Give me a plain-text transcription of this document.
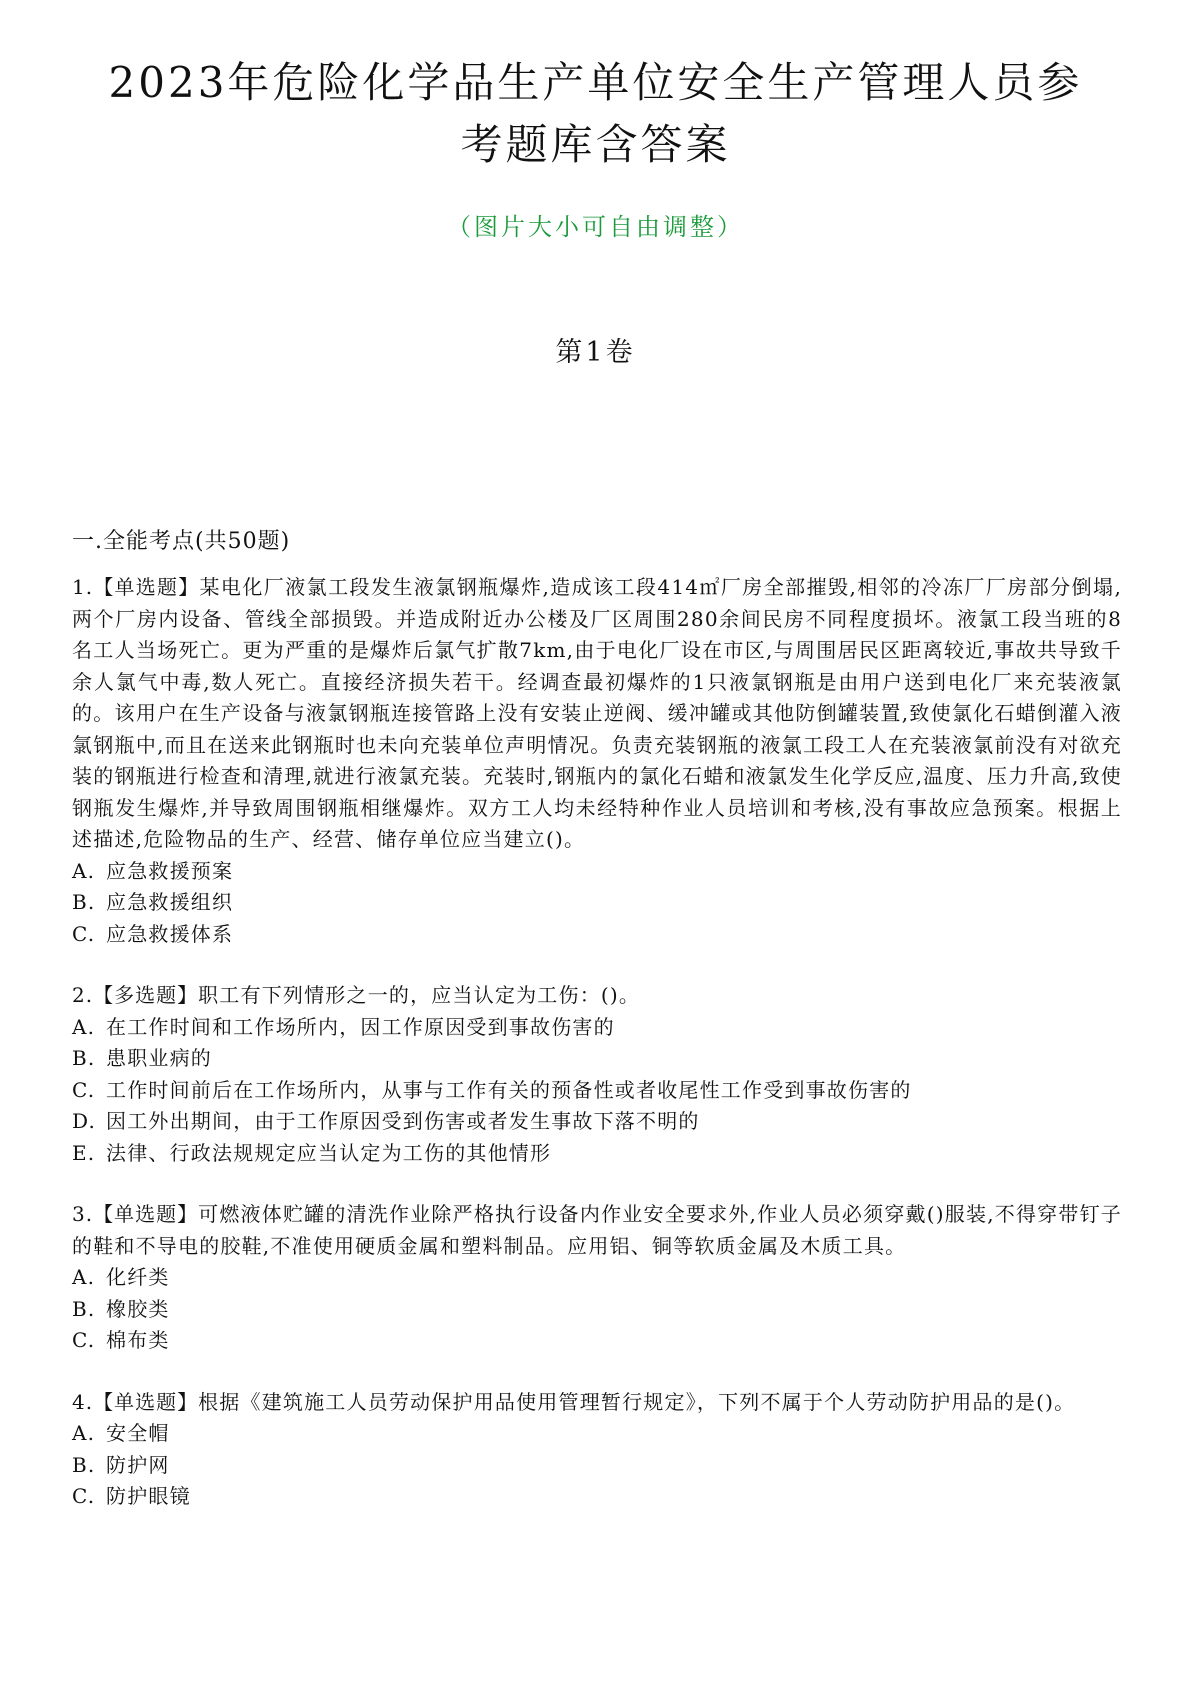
2023年危险化学品生产单位安全生产管理人员参
考题库含答案
（图片大小可自由调整）
第1卷
一.全能考点(共50题)

1.【单选题】某电化厂液氯工段发生液氯钢瓶爆炸,造成该工段414㎡厂房全部摧毁,相邻的冷冻厂厂房部分倒塌,两个厂房内设备、管线全部损毁。并造成附近办公楼及厂区周围280余间民房不同程度损坏。液氯工段当班的8名工人当场死亡。更为严重的是爆炸后氯气扩散7km,由于电化厂设在市区,与周围居民区距离较近,事故共导致千余人氯气中毒,数人死亡。直接经济损失若干。经调查最初爆炸的1只液氯钢瓶是由用户送到电化厂来充装液氯的。该用户在生产设备与液氯钢瓶连接管路上没有安装止逆阀、缓冲罐或其他防倒罐装置,致使氯化石蜡倒灌入液氯钢瓶中,而且在送来此钢瓶时也未向充装单位声明情况。负责充装钢瓶的液氯工段工人在充装液氯前没有对欲充装的钢瓶进行检查和清理,就进行液氯充装。充装时,钢瓶内的氯化石蜡和液氯发生化学反应,温度、压力升高,致使钢瓶发生爆炸,并导致周围钢瓶相继爆炸。双方工人均未经特种作业人员培训和考核,没有事故应急预案。根据上述描述,危险物品的生产、经营、储存单位应当建立()。

A. 应急救援预案
B. 应急救援组织
C. 应急救援体系

2.【多选题】职工有下列情形之一的，应当认定为工伤：()。

A. 在工作时间和工作场所内，因工作原因受到事故伤害的
B. 患职业病的
C. 工作时间前后在工作场所内，从事与工作有关的预备性或者收尾性工作受到事故伤害的
D. 因工外出期间，由于工作原因受到伤害或者发生事故下落不明的
E. 法律、行政法规规定应当认定为工伤的其他情形

3.【单选题】可燃液体贮罐的清洗作业除严格执行设备内作业安全要求外,作业人员必须穿戴()服装,不得穿带钉子的鞋和不导电的胶鞋,不准使用硬质金属和塑料制品。应用铝、铜等软质金属及木质工具。

A. 化纤类
B. 橡胶类
C. 棉布类

4.【单选题】根据《建筑施工人员劳动保护用品使用管理暂行规定》，下列不属于个人劳动防护用品的是()。

A. 安全帽
B. 防护网
C. 防护眼镜
